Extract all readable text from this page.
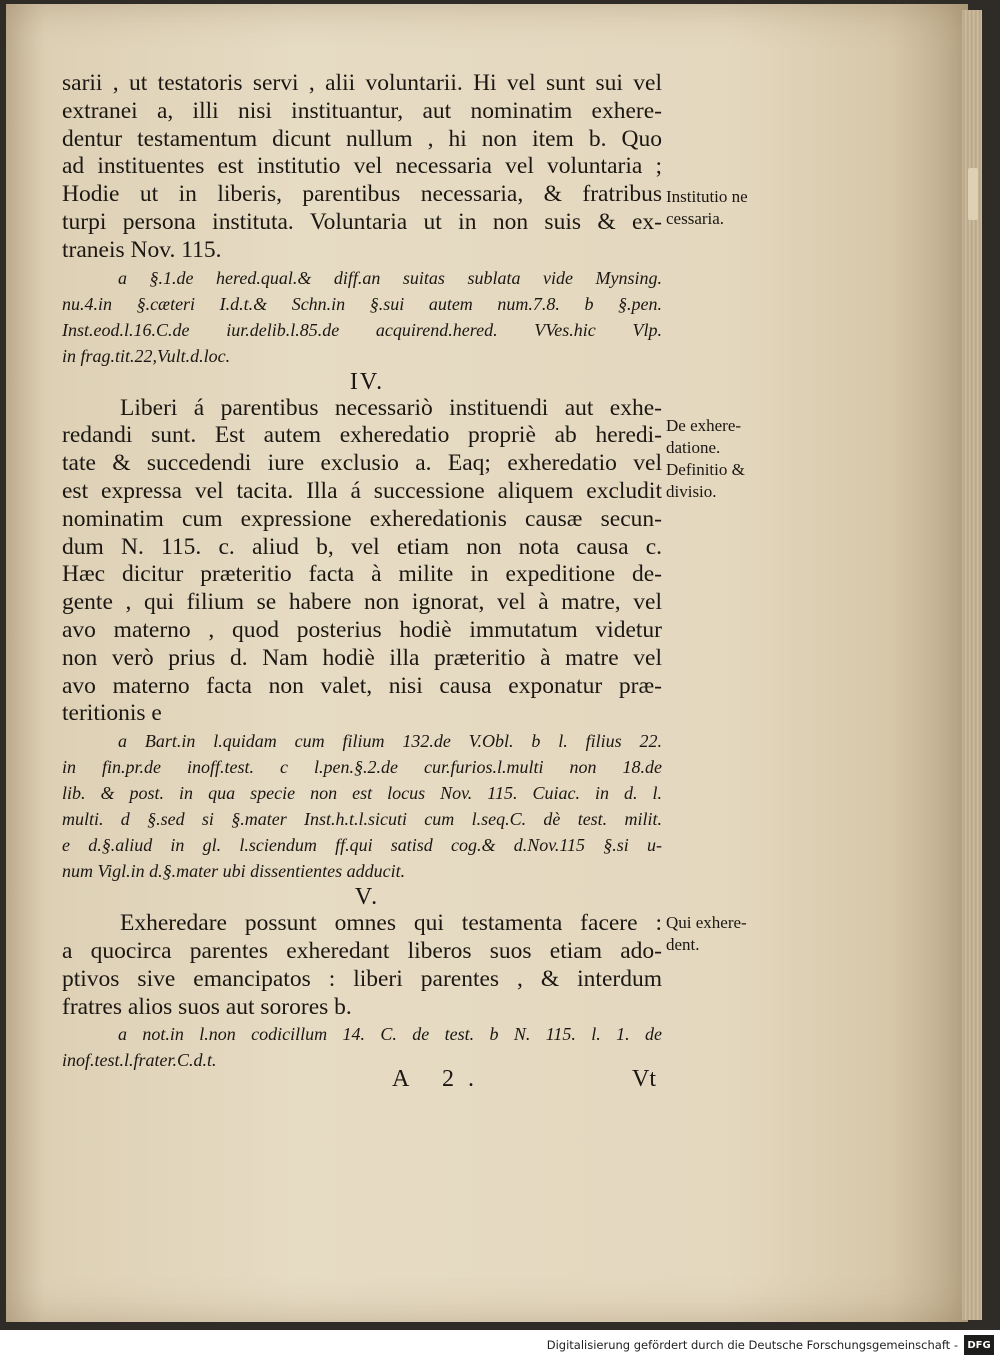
sarii , ut testatoris servi , alii voluntarii. Hi vel sunt sui vel
extranei a, illi nisi instituantur, aut nominatim exhere-
dentur testamentum dicunt nullum , hi non item b. Quo
ad instituentes est institutio vel necessaria vel voluntaria ;
Hodie ut in liberis, parentibus necessaria, & fratribus
turpi persona instituta. Voluntaria ut in non suis & ex-
traneis Nov. 115.
a §.1.de hered.qual.& diff.an suitas sublata vide Mynsing.
nu.4.in §.cæteri I.d.t.& Schn.in §.sui autem num.7.8. b §.pen.
Inst.eod.l.16.C.de iur.delib.l.85.de acquirend.hered. VVes.hic Vlp.
in frag.tit.22,Vult.d.loc.
IV.
Liberi á parentibus necessariò instituendi aut exhe-
redandi sunt. Est autem exheredatio propriè ab heredi-
tate & succedendi iure exclusio a. Eaq; exheredatio vel
est expressa vel tacita. Illa á successione aliquem excludit
nominatim cum expressione exheredationis causæ secun-
dum N. 115. c. aliud b, vel etiam non nota causa c.
Hæc dicitur præteritio facta à milite in expeditione de-
gente , qui filium se habere non ignorat, vel à matre, vel
avo materno , quod posterius hodiè immutatum videtur
non verò prius d. Nam hodiè illa præteritio à matre vel
avo materno facta non valet, nisi causa exponatur præ-
teritionis e
a Bart.in l.quidam cum filium 132.de V.Obl. b l. filius 22.
in fin.pr.de inoff.test. c l.pen.§.2.de cur.furios.l.multi non 18.de
lib. & post. in qua specie non est locus Nov. 115. Cuiac. in d. l.
multi. d §.sed si §.mater Inst.h.t.l.sicuti cum l.seq.C. dè test. milit.
e d.§.aliud in gl. l.sciendum ff.qui satisd cog.& d.Nov.115 §.si u-
num Vigl.in d.§.mater ubi dissentientes adducit.
V.
Exheredare possunt omnes qui testamenta facere :
a quocirca parentes exheredant liberos suos etiam ado-
ptivos sive emancipatos : liberi parentes , & interdum
fratres alios suos aut sorores b.
a not.in l.non codicillum 14. C. de test. b N. 115. l. 1. de
inof.test.l.frater.C.d.t.
Institutio ne
cessaria.
De exhere-
datione.
Definitio &
divisio.
Qui exhere-
dent.
A 2.	Vt
Digitalisierung gefördert durch die Deutsche Forschungsgemeinschaft - DFG
